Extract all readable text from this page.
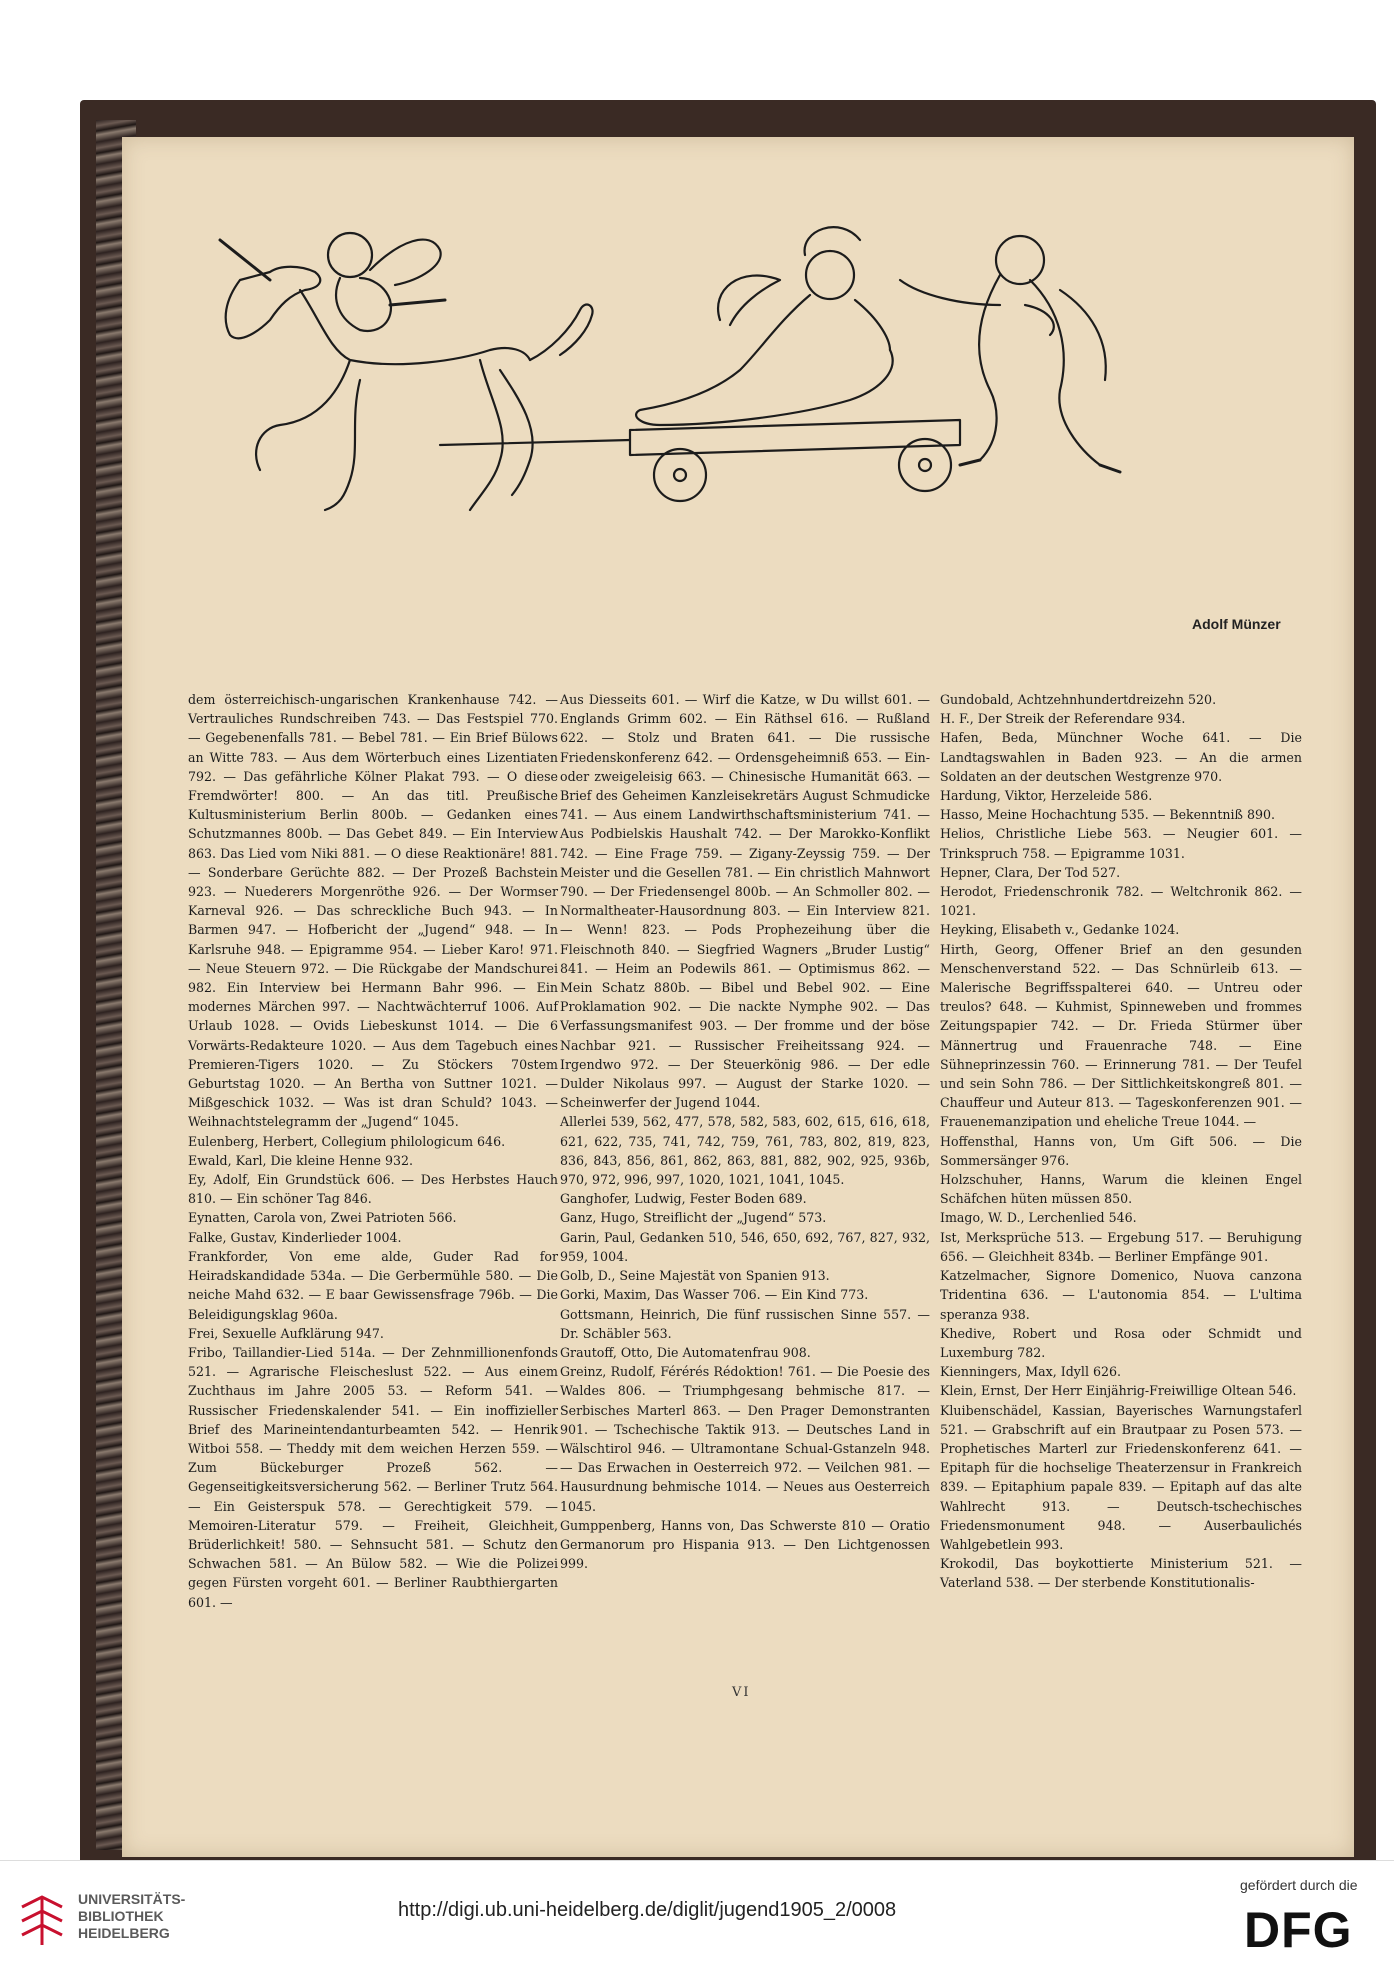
Adolf Münzer

dem österreichisch-ungarischen Krankenhause 742. — Vertrauliches Rundschreiben 743. — Das Festspiel 770. — Gegebenenfalls 781. — Bebel 781. — Ein Brief Bülows an Witte 783. — Aus dem Wörterbuch eines Lizentiaten 792. — Das gefährliche Kölner Plakat 793. — O diese Fremdwörter! 800. — An das titl. Preußische Kultusministerium Berlin 800b. — Gedanken eines Schutzmannes 800b. — Das Gebet 849. — Ein Interview 863. Das Lied vom Niki 881. — O diese Reaktionäre! 881. — Sonderbare Gerüchte 882. — Der Prozeß Bachstein 923. — Nuederers Morgenröthe 926. — Der Wormser Karneval 926. — Das schreckliche Buch 943. — In Barmen 947. — Hofbericht der „Jugend“ 948. — In Karlsruhe 948. — Epigramme 954. — Lieber Karo! 971. — Neue Steuern 972. — Die Rückgabe der Mandschurei 982. Ein Interview bei Hermann Bahr 996. — Ein modernes Märchen 997. — Nachtwächterruf 1006. Auf Urlaub 1028. — Ovids Liebeskunst 1014. — Die 6 Vorwärts-Redakteure 1020. — Aus dem Tagebuch eines Premieren-Tigers 1020. — Zu Stöckers 70stem Geburtstag 1020. — An Bertha von Suttner 1021. — Mißgeschick 1032. — Was ist dran Schuld? 1043. — Weihnachtstelegramm der „Jugend“ 1045.

Eulenberg, Herbert, Collegium philologicum 646.

Ewald, Karl, Die kleine Henne 932.

Ey, Adolf, Ein Grundstück 606. — Des Herbstes Hauch 810. — Ein schöner Tag 846.

Eynatten, Carola von, Zwei Patrioten 566.

Falke, Gustav, Kinderlieder 1004.

Frankforder, Von eme alde, Guder Rad for Heiradskandidade 534a. — Die Gerbermühle 580. — Die neiche Mahd 632. — E baar Gewissensfrage 796b. — Die Beleidigungsklag 960a.

Frei, Sexuelle Aufklärung 947.

Fribo, Taillandier-Lied 514a. — Der Zehnmillionenfonds 521. — Agrarische Fleischeslust 522. — Aus einem Zuchthaus im Jahre 2005 53. — Reform 541. — Russischer Friedenskalender 541. — Ein inoffizieller Brief des Marineintendanturbeamten 542. — Henrik Witboi 558. — Theddy mit dem weichen Herzen 559. — Zum Bückeburger Prozeß 562. — Gegenseitigkeitsversicherung 562. — Berliner Trutz 564. — Ein Geisterspuk 578. — Gerechtigkeit 579. — Memoiren-Literatur 579. — Freiheit, Gleichheit, Brüderlichkeit! 580. — Sehnsucht 581. — Schutz den Schwachen 581. — An Bülow 582. — Wie die Polizei gegen Fürsten vorgeht 601. — Berliner Raubthiergarten 601. —

Aus Diesseits 601. — Wirf die Katze, w Du willst 601. — Englands Grimm 602. — Ein Räthsel 616. — Rußland 622. — Stolz und Braten 641. — Die russische Friedenskonferenz 642. — Ordensgeheimniß 653. — Ein- oder zweigeleisig 663. — Chinesische Humanität 663. — Brief des Geheimen Kanzleisekretärs August Schmudicke 741. — Aus einem Landwirthschaftsministerium 741. — Aus Podbielskis Haushalt 742. — Der Marokko-Konflikt 742. — Eine Frage 759. — Zigany-Zeyssig 759. — Der Meister und die Gesellen 781. — Ein christlich Mahnwort 790. — Der Friedensengel 800b. — An Schmoller 802. — Normaltheater-Hausordnung 803. — Ein Interview 821. — Wenn! 823. — Pods Prophezeihung über die Fleischnoth 840. — Siegfried Wagners „Bruder Lustig“ 841. — Heim an Podewils 861. — Optimismus 862. — Mein Schatz 880b. — Bibel und Bebel 902. — Eine Proklamation 902. — Die nackte Nymphe 902. — Das Verfassungsmanifest 903. — Der fromme und der böse Nachbar 921. — Russischer Freiheitssang 924. — Irgendwo 972. — Der Steuerkönig 986. — Der edle Dulder Nikolaus 997. — August der Starke 1020. — Scheinwerfer der Jugend 1044.

Allerlei 539, 562, 477, 578, 582, 583, 602, 615, 616, 618, 621, 622, 735, 741, 742, 759, 761, 783, 802, 819, 823, 836, 843, 856, 861, 862, 863, 881, 882, 902, 925, 936b, 970, 972, 996, 997, 1020, 1021, 1041, 1045.

Ganghofer, Ludwig, Fester Boden 689.

Ganz, Hugo, Streiflicht der „Jugend“ 573.

Garin, Paul, Gedanken 510, 546, 650, 692, 767, 827, 932, 959, 1004.

Golb, D., Seine Majestät von Spanien 913.

Gorki, Maxim, Das Wasser 706. — Ein Kind 773.

Gottsmann, Heinrich, Die fünf russischen Sinne 557. — Dr. Schäbler 563.

Grautoff, Otto, Die Automatenfrau 908.

Greinz, Rudolf, Férérés Rédoktion! 761. — Die Poesie des Waldes 806. — Triumphgesang behmische 817. — Serbisches Marterl 863. — Den Prager Demonstranten 901. — Tschechische Taktik 913. — Deutsches Land in Wälschtirol 946. — Ultramontane Schual-Gstanzeln 948. — Das Erwachen in Oesterreich 972. — Veilchen 981. — Hausurdnung behmische 1014. — Neues aus Oesterreich 1045.

Gumppenberg, Hanns von, Das Schwerste 810 — Oratio Germanorum pro Hispania 913. — Den Lichtgenossen 999.

Gundobald, Achtzehnhundertdreizehn 520.

H. F., Der Streik der Referendare 934.

Hafen, Beda, Münchner Woche 641. — Die Landtagswahlen in Baden 923. — An die armen Soldaten an der deutschen Westgrenze 970.

Hardung, Viktor, Herzeleide 586.

Hasso, Meine Hochachtung 535. — Bekenntniß 890.

Helios, Christliche Liebe 563. — Neugier 601. — Trinkspruch 758. — Epigramme 1031.

Hepner, Clara, Der Tod 527.

Herodot, Friedenschronik 782. — Weltchronik 862. — 1021.

Heyking, Elisabeth v., Gedanke 1024.

Hirth, Georg, Offener Brief an den gesunden Menschenverstand 522. — Das Schnürleib 613. — Malerische Begriffsspalterei 640. — Untreu oder treulos? 648. — Kuhmist, Spinneweben und frommes Zeitungspapier 742. — Dr. Frieda Stürmer über Männertrug und Frauenrache 748. — Eine Sühneprinzessin 760. — Erinnerung 781. — Der Teufel und sein Sohn 786. — Der Sittlichkeitskongreß 801. — Chauffeur und Auteur 813. — Tageskonferenzen 901. — Frauenemanzipation und eheliche Treue 1044. —

Hoffensthal, Hanns von, Um Gift 506. — Die Sommersänger 976.

Holzschuher, Hanns, Warum die kleinen Engel Schäfchen hüten müssen 850.

Imago, W. D., Lerchenlied 546.

Ist, Merksprüche 513. — Ergebung 517. — Beruhigung 656. — Gleichheit 834b. — Berliner Empfänge 901.

Katzelmacher, Signore Domenico, Nuova canzona Tridentina 636. — L'autonomia 854. — L'ultima speranza 938.

Khedive, Robert und Rosa oder Schmidt und Luxemburg 782.

Kienningers, Max, Idyll 626.

Klein, Ernst, Der Herr Einjährig-Freiwillige Oltean 546.

Kluibenschädel, Kassian, Bayerisches Warnungstaferl 521. — Grabschrift auf ein Brautpaar zu Posen 573. — Prophetisches Marterl zur Friedenskonferenz 641. — Epitaph für die hochselige Theaterzensur in Frankreich 839. — Epitaphium papale 839. — Epitaph auf das alte Wahlrecht 913. — Deutsch-tschechisches Friedensmonument 948. — Auserbaulichés Wahlgebetlein 993.

Krokodil, Das boykottierte Ministerium 521. — Vaterland 538. — Der sterbende Konstitutionalis-

VI
UNIVERSITÄTS-
BIBLIOTHEK
HEIDELBERG
http://digi.ub.uni-heidelberg.de/diglit/jugend1905_2/0008
gefördert durch die
DFG
